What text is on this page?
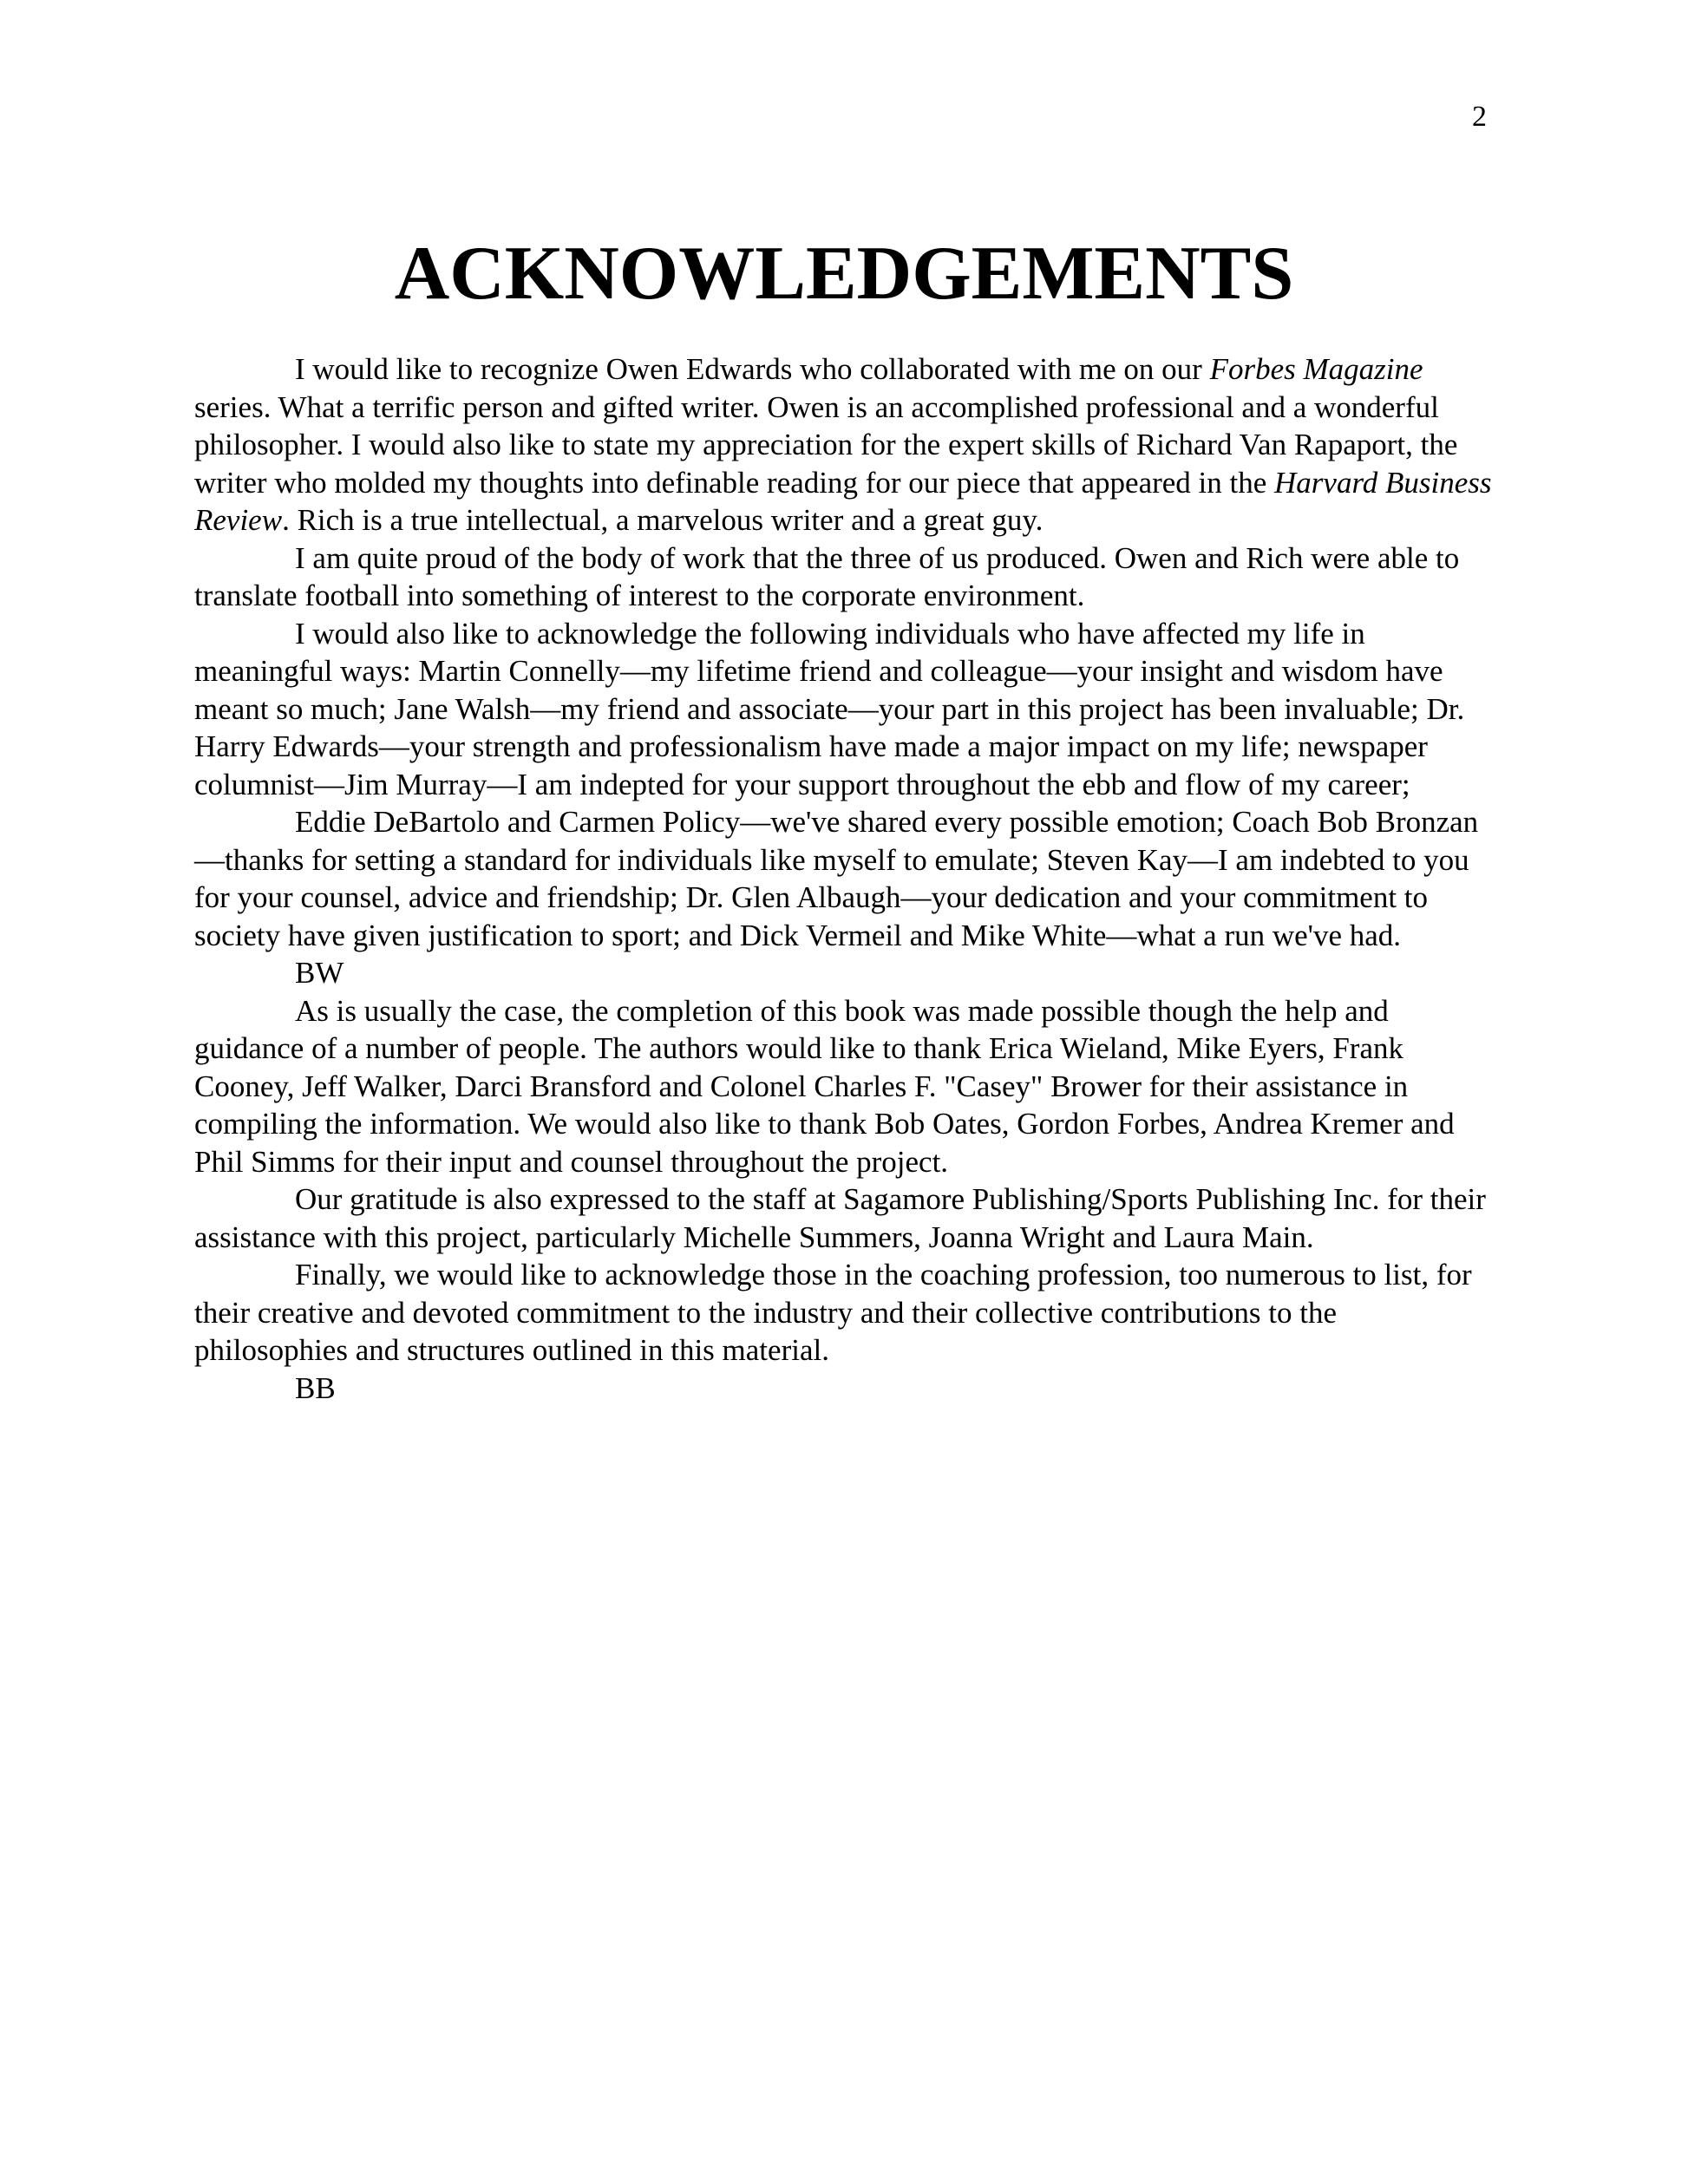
2
ACKNOWLEDGEMENTS

I would like to recognize Owen Edwards who collaborated with me on our Forbes Magazine series. What a terrific person and gifted writer. Owen is an accomplished professional and a wonderful philosopher. I would also like to state my appreciation for the expert skills of Richard Van Rapaport, the writer who molded my thoughts into definable reading for our piece that appeared in the Harvard Business Review. Rich is a true intellectual, a marvelous writer and a great guy.

I am quite proud of the body of work that the three of us produced. Owen and Rich were able to translate football into something of interest to the corporate environment.

I would also like to acknowledge the following individuals who have affected my life in meaningful ways: Martin Connelly—my lifetime friend and colleague—your insight and wisdom have meant so much; Jane Walsh—my friend and associate—your part in this project has been invaluable; Dr. Harry Edwards—your strength and professionalism have made a major impact on my life; newspaper columnist—Jim Murray—I am indepted for your support throughout the ebb and flow of my career;

Eddie DeBartolo and Carmen Policy—we've shared every possible emotion; Coach Bob Bronzan—thanks for setting a standard for individuals like myself to emulate; Steven Kay—I am indebted to you for your counsel, advice and friendship; Dr. Glen Albaugh—your dedication and your commitment to society have given justification to sport; and Dick Vermeil and Mike White—what a run we've had.

BW

As is usually the case, the completion of this book was made possible though the help and guidance of a number of people. The authors would like to thank Erica Wieland, Mike Eyers, Frank Cooney, Jeff Walker, Darci Bransford and Colonel Charles F. "Casey" Brower for their assistance in compiling the information. We would also like to thank Bob Oates, Gordon Forbes, Andrea Kremer and Phil Simms for their input and counsel throughout the project.

Our gratitude is also expressed to the staff at Sagamore Publishing/Sports Publishing Inc. for their assistance with this project, particularly Michelle Summers, Joanna Wright and Laura Main.

Finally, we would like to acknowledge those in the coaching profession, too numerous to list, for their creative and devoted commitment to the industry and their collective contributions to the philosophies and structures outlined in this material.

BB
